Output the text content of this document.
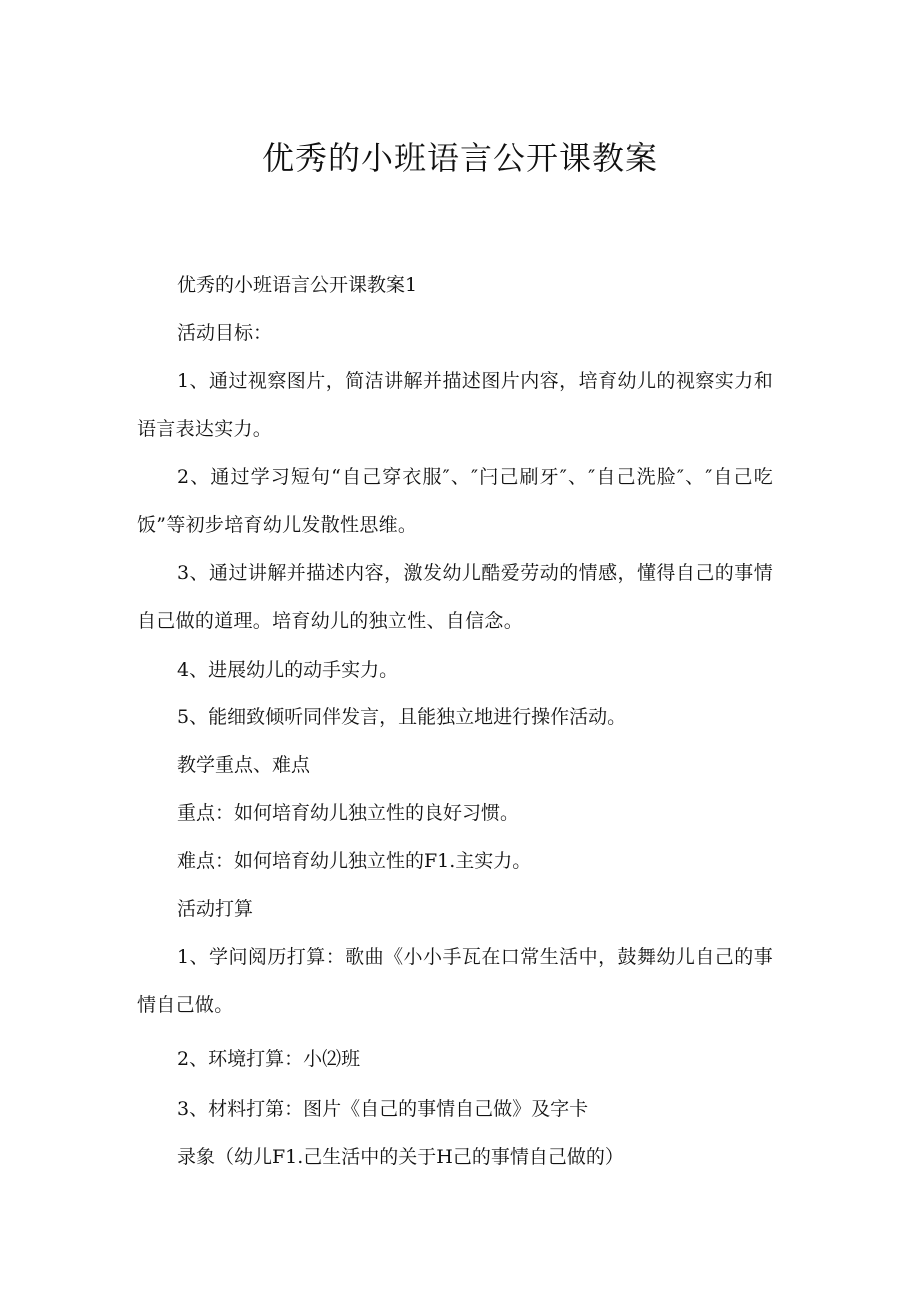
优秀的小班语言公开课教案
优秀的小班语言公开课教案1
活动目标：
1、通过视察图片，简洁讲解并描述图片内容，培育幼儿的视察实力和语言表达实力。
2、通过学习短句“自己穿衣服″、″闩己刷牙″、″自己洗脸″、″自己吃饭”等初步培育幼儿发散性思维。
3、通过讲解并描述内容，激发幼儿酷爱劳动的情感，懂得自己的事情自己做的道理。培育幼儿的独立性、自信念。
4、进展幼儿的动手实力。
5、能细致倾听同伴发言，且能独立地进行操作活动。
教学重点、难点
重点：如何培育幼儿独立性的良好习惯。
难点：如何培育幼儿独立性的F1.主实力。
活动打算
1、学问阅历打算：歌曲《小小手瓦在口常生活中，鼓舞幼儿自己的事情自己做。
2、环境打算：小⑵班
3、材料打第：图片《自己的事情自己做》及字卡
录象（幼儿F1.己生活中的关于H己的事情自己做的）
